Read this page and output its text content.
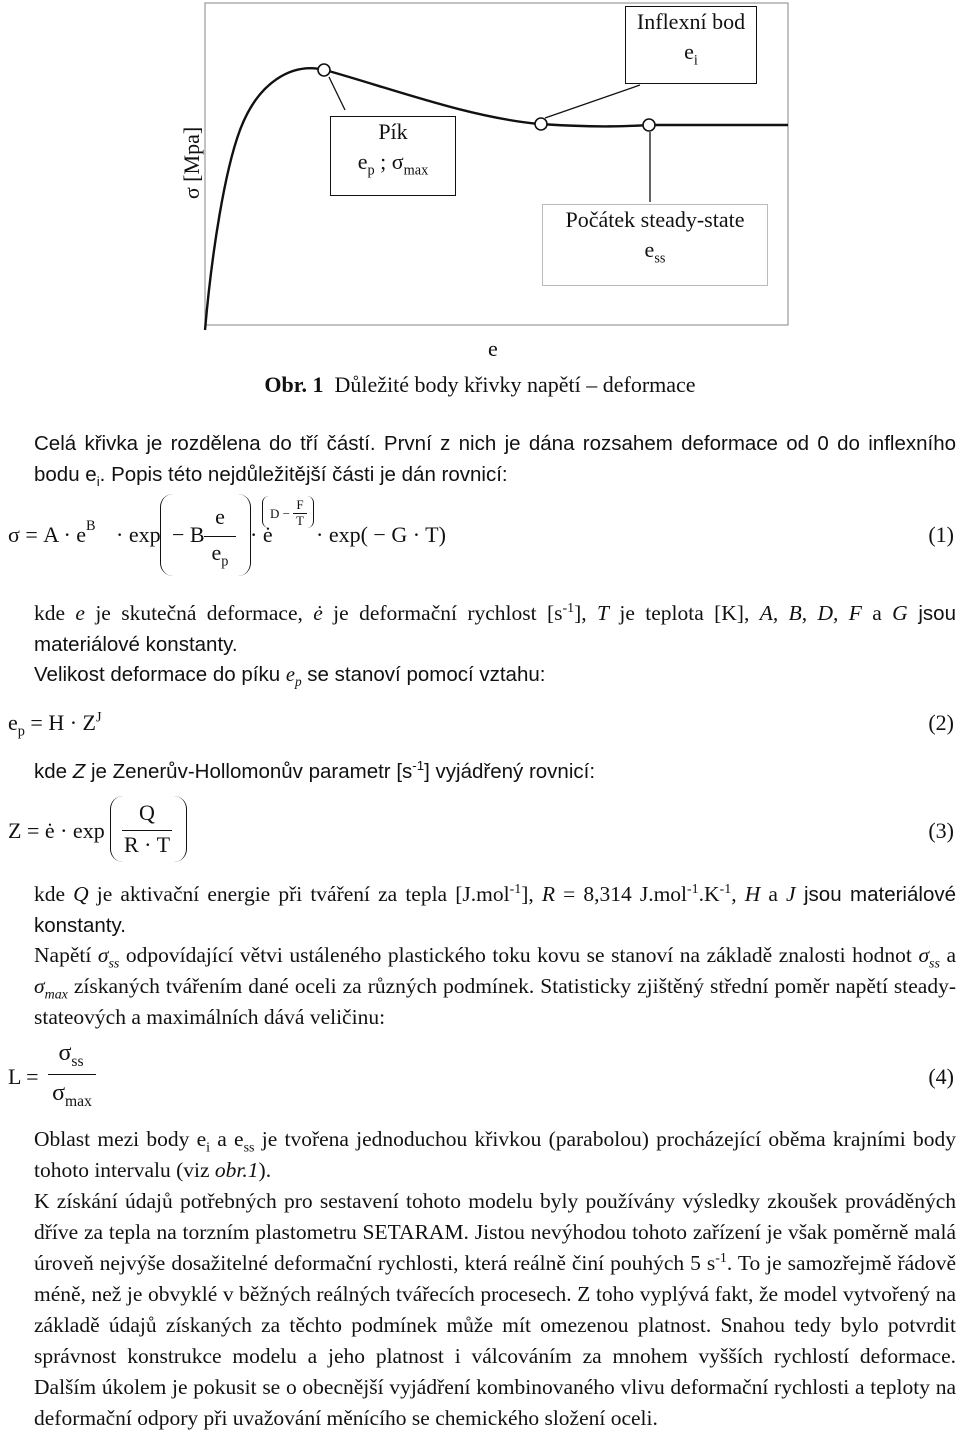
σ [Mpa]
Inflexní bod
$e_i$
Pík
$e_p$ ; $\sigma_{max}$
Počátek steady-state
$e_{ss}$
e
Obr. 1 Důležité body křivky napětí – deformace
Celá křivka je rozdělena do tří částí. První z nich je dána rozsahem deformace od 0 do inflexního bodu $e_i$. Popis této nejdůležitější části je dán rovnicí:
$\sigma = A \cdot e^B \cdot \exp - B$
e
$e_p$
· ė
D −
F
T
· exp( − G · T)	(1)
kde e je skutečná deformace, ė je deformační rychlost $[s^{-1}]$, T je teplota [K], A, B, D, F a G jsou materiálové konstanty.
Velikost deformace do píku $e_p$ se stanoví pomocí vztahu:
$e_p = H \cdot Z^J$	(2)
kde Z je Zenerův-Hollomonův parametr $[s^{-1}]$ vyjádřený rovnicí:
Z = ė · exp
Q
R · T
(3)
kde Q je aktivační energie při tváření za tepla [J.mol$^{-1}$], R = 8,314 $J.mol^{-1}.K^{-1}$, H a J jsou materiálové konstanty.
Napětí $\sigma_{ss}$ odpovídající větvi ustáleného plastického toku kovu se stanoví na základě znalosti hodnot $\sigma_{ss}$ a $\sigma_{max}$ získaných tvářením dané oceli za různých podmínek. Statisticky zjištěný střední poměr napětí steady-stateových a maximálních dává veličinu:
L =
$\sigma_{ss}$
$\sigma_{max}$
(4)
Oblast mezi body $e_i$ a $e_{ss}$ je tvořena jednoduchou křivkou (parabolou) procházející oběma krajními body tohoto intervalu (viz obr.1).
K získání údajů potřebných pro sestavení tohoto modelu byly používány výsledky zkoušek prováděných dříve za tepla na torzním plastometru SETARAM. Jistou nevýhodou tohoto zařízení je však poměrně malá úroveň nejvýše dosažitelné deformační rychlosti, která reálně činí pouhých 5 $s^{-1}$. To je samozřejmě řádově méně, než je obvyklé v běžných reálných tvářecích procesech. Z toho vyplývá fakt, že model vytvořený na základě údajů získaných za těchto podmínek může mít omezenou platnost. Snahou tedy bylo potvrdit správnost konstrukce modelu a jeho platnost i válcováním za mnohem vyšších rychlostí deformace. Dalším úkolem je pokusit se o obecnější vyjádření kombinovaného vlivu deformační rychlosti a teploty na deformační odpory při uvažování měnícího se chemického složení oceli.
